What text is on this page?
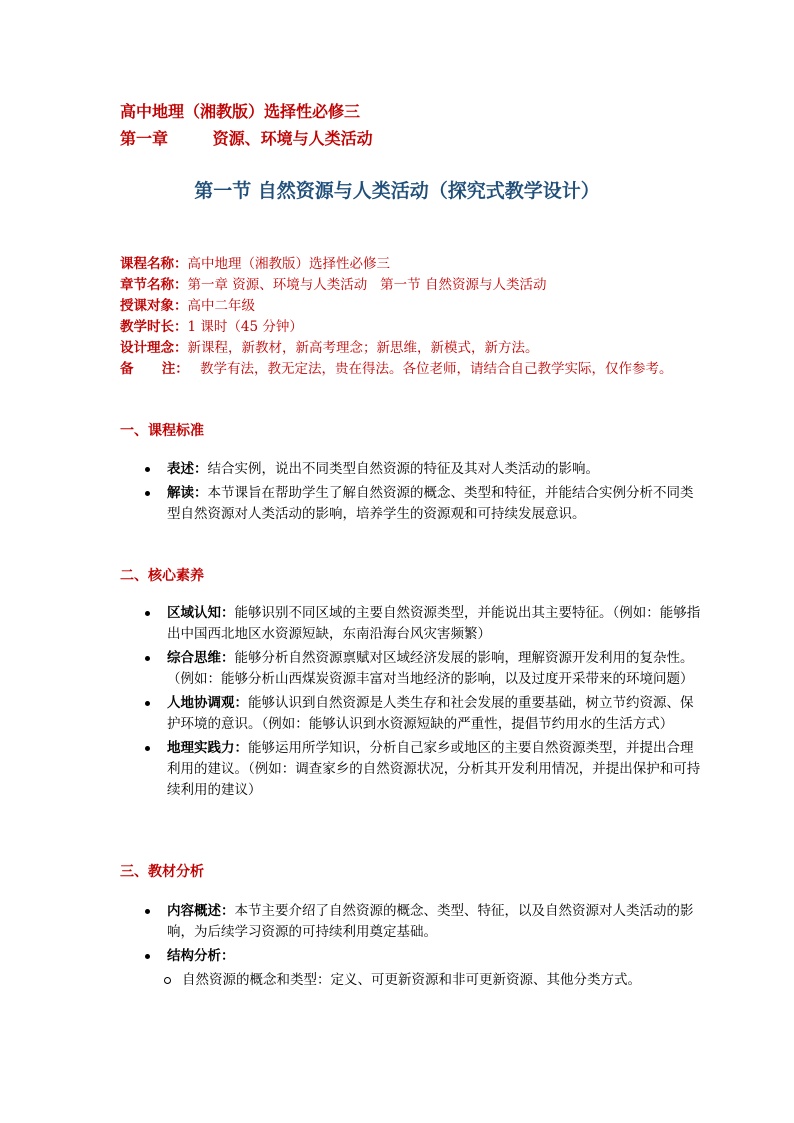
高中地理（湘教版）选择性必修三
第一章        资源、环境与人类活动
第一节 自然资源与人类活动（探究式教学设计）
课程名称： 高中地理（湘教版）选择性必修三
章节名称： 第一章 资源、环境与人类活动   第一节 自然资源与人类活动
授课对象： 高中二年级
教学时长： 1 课时（45 分钟）
设计理念： 新课程，新教材，新高考理念；新思维，新模式，新方法。
备      注： 教学有法，教无定法，贵在得法。各位老师，请结合自己教学实际，仅作参考。
一、课程标准
表述：结合实例，说出不同类型自然资源的特征及其对人类活动的影响。
解读：本节课旨在帮助学生了解自然资源的概念、类型和特征，并能结合实例分析不同类型自然资源对人类活动的影响，培养学生的资源观和可持续发展意识。
二、核心素养
区域认知：能够识别不同区域的主要自然资源类型，并能说出其主要特征。（例如：能够指出中国西北地区水资源短缺，东南沿海台风灾害频繁）
综合思维：能够分析自然资源禀赋对区域经济发展的影响，理解资源开发利用的复杂性。（例如：能够分析山西煤炭资源丰富对当地经济的影响，以及过度开采带来的环境问题）
人地协调观：能够认识到自然资源是人类生存和社会发展的重要基础，树立节约资源、保护环境的意识。（例如：能够认识到水资源短缺的严重性，提倡节约用水的生活方式）
地理实践力：能够运用所学知识，分析自己家乡或地区的主要自然资源类型，并提出合理利用的建议。（例如：调查家乡的自然资源状况，分析其开发利用情况，并提出保护和可持续利用的建议）
三、教材分析
内容概述：本节主要介绍了自然资源的概念、类型、特征，以及自然资源对人类活动的影响，为后续学习资源的可持续利用奠定基础。
结构分析：
自然资源的概念和类型：定义、可更新资源和非可更新资源、其他分类方式。
